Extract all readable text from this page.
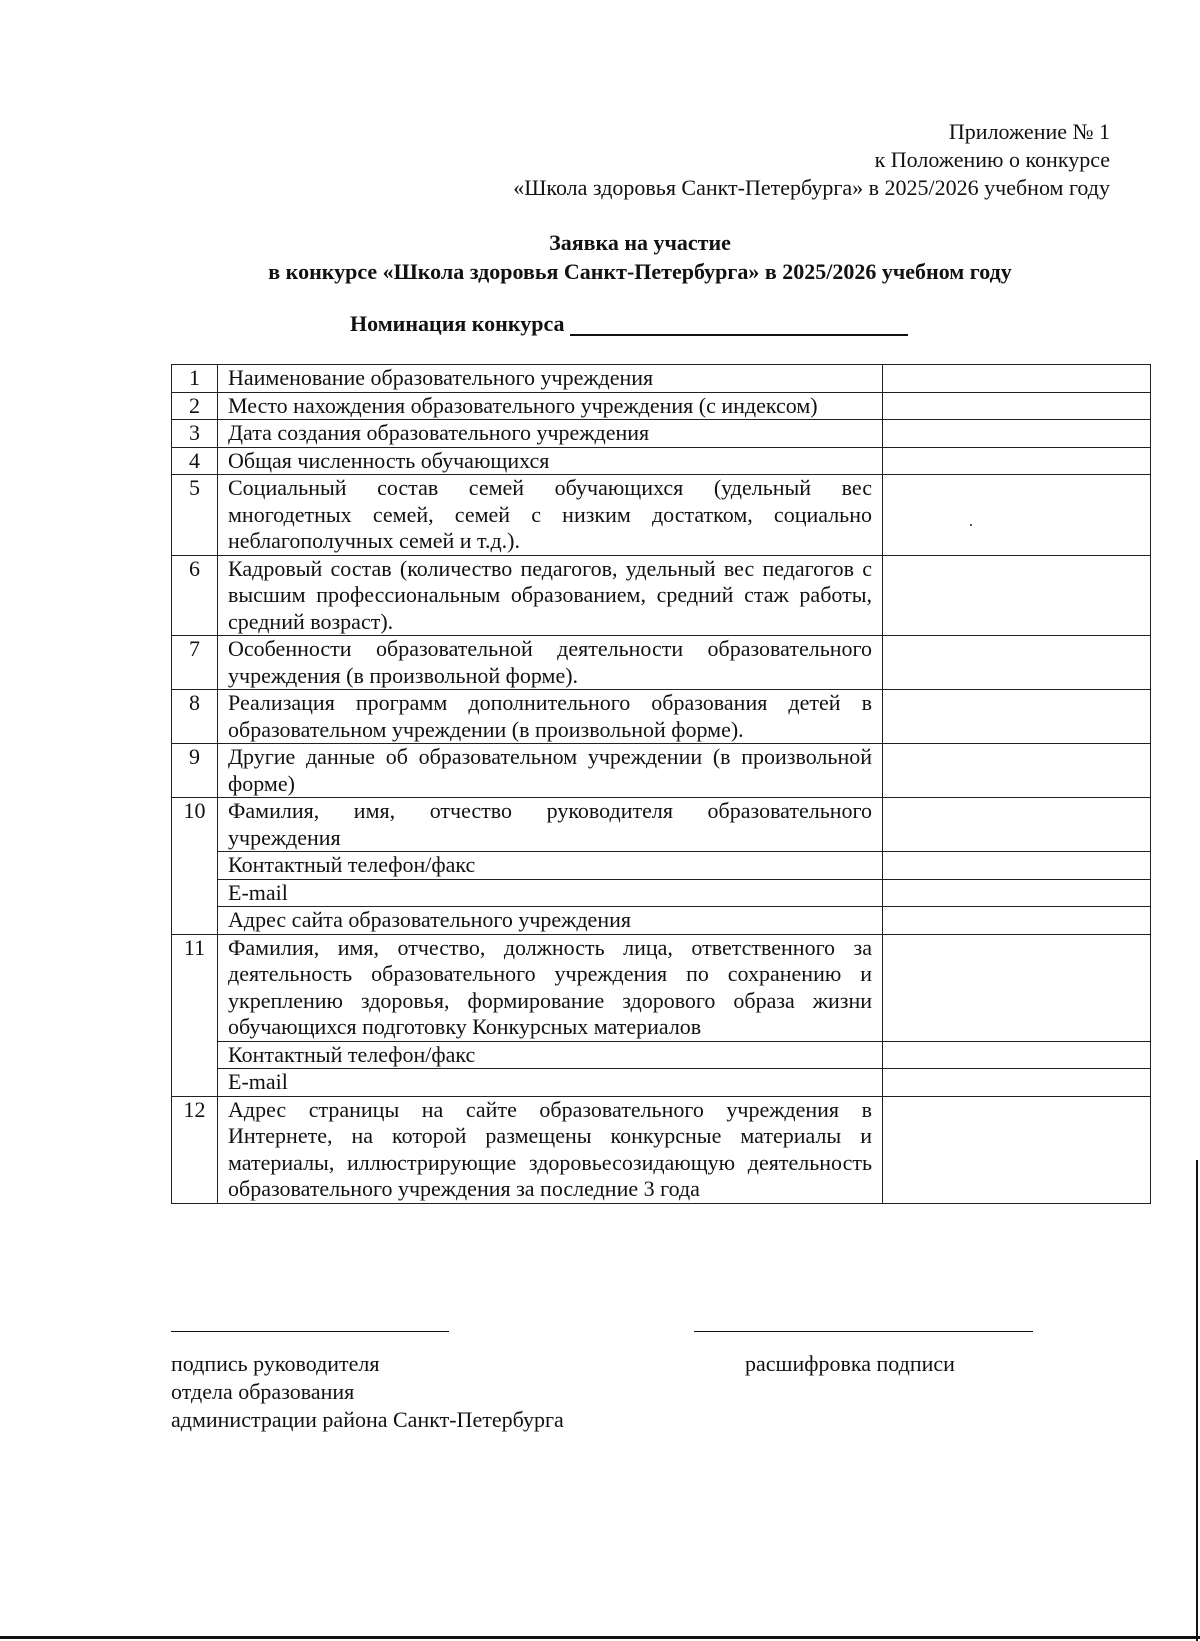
Приложение № 1
к Положению о конкурсе
«Школа здоровья Санкт-Петербурга» в 2025/2026 учебном году
Заявка на участие
в конкурсе «Школа здоровья Санкт-Петербурга» в 2025/2026 учебном году
Номинация конкурса
1	Наименование образовательного учреждения	
2	Место нахождения образовательного учреждения (с индексом)	
3	Дата создания образовательного учреждения	
4	Общая численность обучающихся	
5	Социальный состав семей обучающихся (удельный вес многодетных семей, семей с низким достатком, социально неблагополучных семей и т.д.).	
6	Кадровый состав (количество педагогов, удельный вес педагогов с высшим профессиональным образованием, средний стаж работы, средний возраст).	
7	Особенности образовательной деятельности образовательного учреждения (в произвольной форме).	
8	Реализация программ дополнительного образования детей в образовательном учреждении (в произвольной форме).	
9	Другие данные об образовательном учреждении (в произвольной форме)	
10	Фамилия, имя, отчество руководителя образовательного учреждения	
	Контактный телефон/факс	
	E-mail	
	Адрес сайта образовательного учреждения	
11	Фамилия, имя, отчество, должность лица, ответственного за деятельность образовательного учреждения по сохранению и укреплению здоровья, формирование здорового образа жизни обучающихся подготовку Конкурсных материалов	
	Контактный телефон/факс	
	E-mail	
12	Адрес страницы на сайте образовательного учреждения в Интернете, на которой размещены конкурсные материалы и материалы, иллюстрирующие здоровьесозидающую деятельность образовательного учреждения за последние 3 года	
подпись руководителя
отдела образования
администрации района Санкт-Петербурга
расшифровка подписи
